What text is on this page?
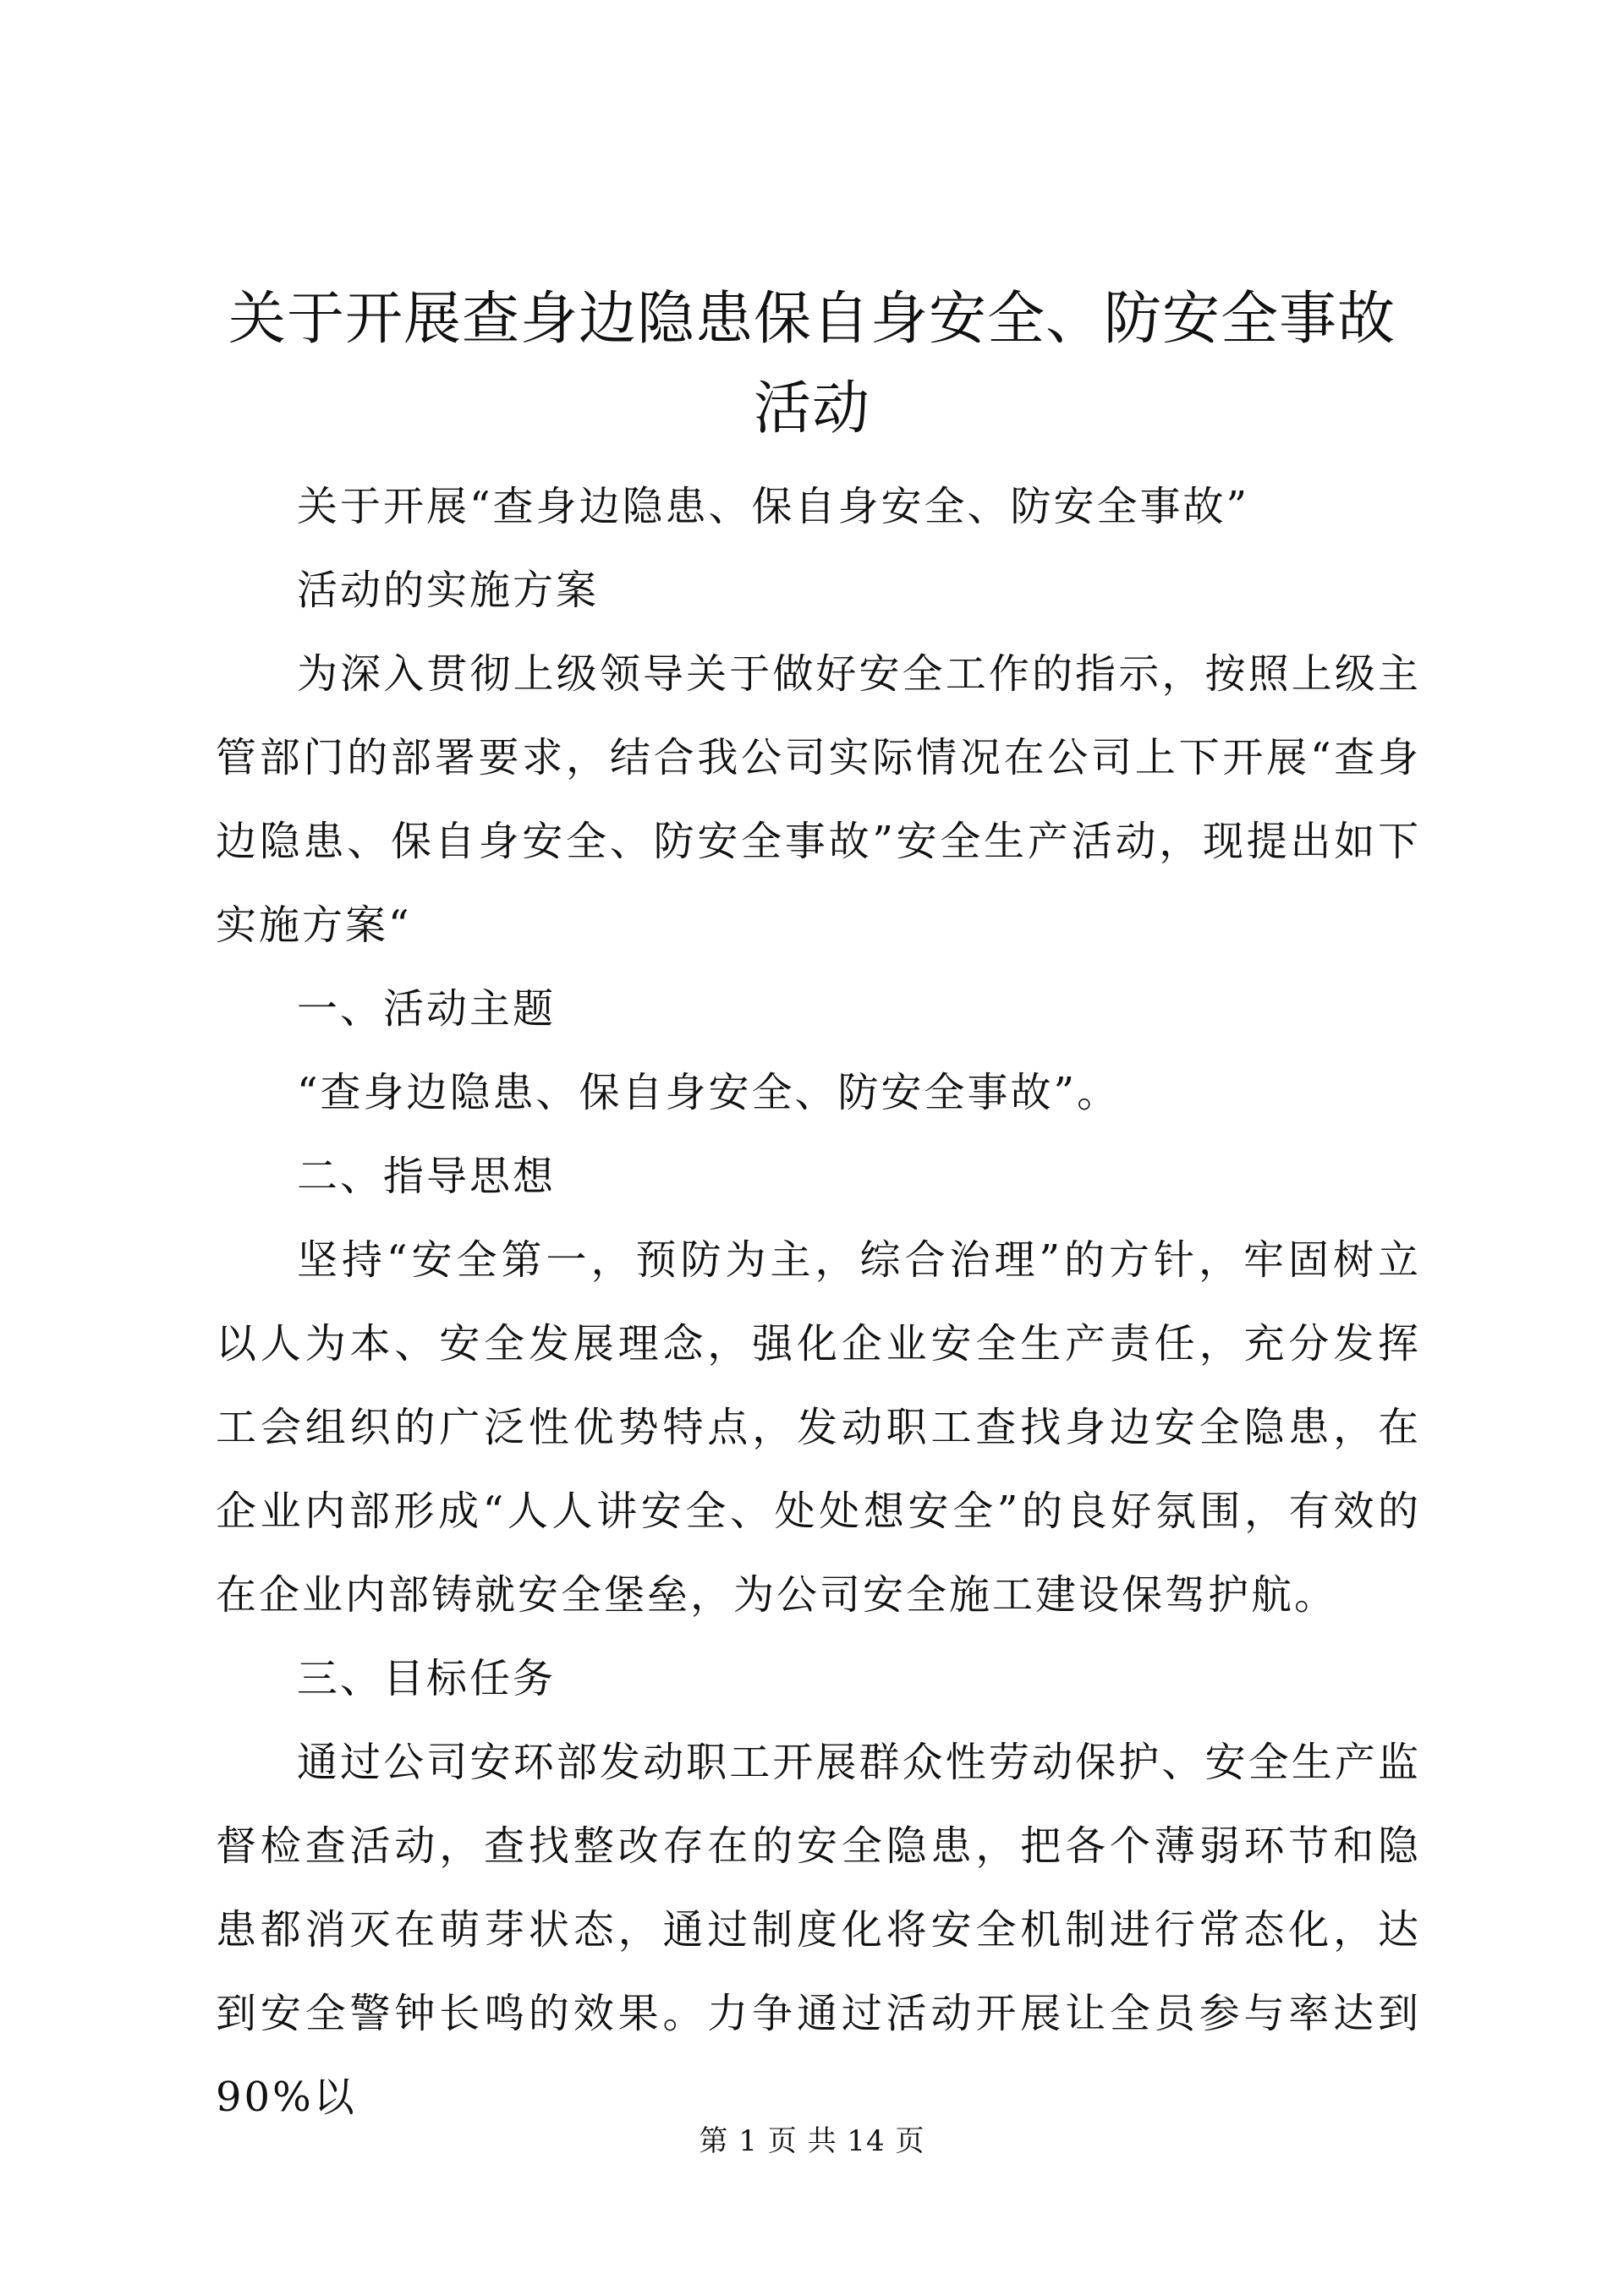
关于开展查身边隐患保自身安全、防安全事故
活动

关于开展“查身边隐患、保自身安全、防安全事故”

活动的实施方案

为深入贯彻上级领导关于做好安全工作的指示，按照上级主管部门的部署要求，结合我公司实际情况在公司上下开展“查身边隐患、保自身安全、防安全事故”安全生产活动，现提出如下实施方案“

一、活动主题

“查身边隐患、保自身安全、防安全事故”。

二、指导思想

坚持“安全第一，预防为主，综合治理”的方针，牢固树立以人为本、安全发展理念，强化企业安全生产责任，充分发挥工会组织的广泛性优势特点，发动职工查找身边安全隐患，在企业内部形成“人人讲安全、处处想安全”的良好氛围，有效的在企业内部铸就安全堡垒，为公司安全施工建设保驾护航。

三、目标任务

通过公司安环部发动职工开展群众性劳动保护、安全生产监督检查活动，查找整改存在的安全隐患，把各个薄弱环节和隐患都消灭在萌芽状态，通过制度化将安全机制进行常态化，达到安全警钟长鸣的效果。力争通过活动开展让全员参与率达到 90%以

第 1 页 共 14 页
